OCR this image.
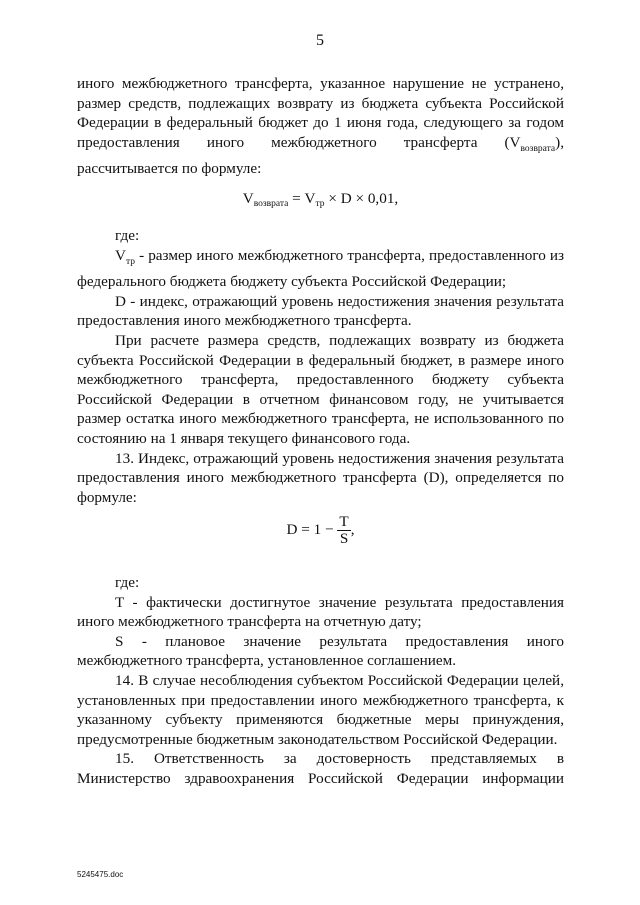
5

иного межбюджетного трансферта, указанное нарушение не устранено, размер средств, подлежащих возврату из бюджета субъекта Российской Федерации в федеральный бюджет до 1 июня года, следующего за годом предоставления иного межбюджетного трансферта $(V_{возврата})$, рассчитывается по формуле:

$V_{возврата} = V_{тр} \times D \times 0,01$,

где:

$V_{тр}$ - размер иного межбюджетного трансферта, предоставленного из федерального бюджета бюджету субъекта Российской Федерации;

D - индекс, отражающий уровень недостижения значения результата предоставления иного межбюджетного трансферта.

При расчете размера средств, подлежащих возврату из бюджета субъекта Российской Федерации в федеральный бюджет, в размере иного межбюджетного трансферта, предоставленного бюджету субъекта Российской Федерации в отчетном финансовом году, не учитывается размер остатка иного межбюджетного трансферта, не использованного по состоянию на 1 января текущего финансового года.

13. Индекс, отражающий уровень недостижения значения результата предоставления иного межбюджетного трансферта (D), определяется по формуле:

$D = 1 - \frac{T}{S}$ ,

где:

T - фактически достигнутое значение результата предоставления иного межбюджетного трансферта на отчетную дату;

S - плановое значение результата предоставления иного межбюджетного трансферта, установленное соглашением.

14. В случае несоблюдения субъектом Российской Федерации целей, установленных при предоставлении иного межбюджетного трансферта, к указанному субъекту применяются бюджетные меры принуждения, предусмотренные бюджетным законодательством Российской Федерации.

15. Ответственность за достоверность представляемых в Министерство здравоохранения Российской Федерации информации

5245475.doc
